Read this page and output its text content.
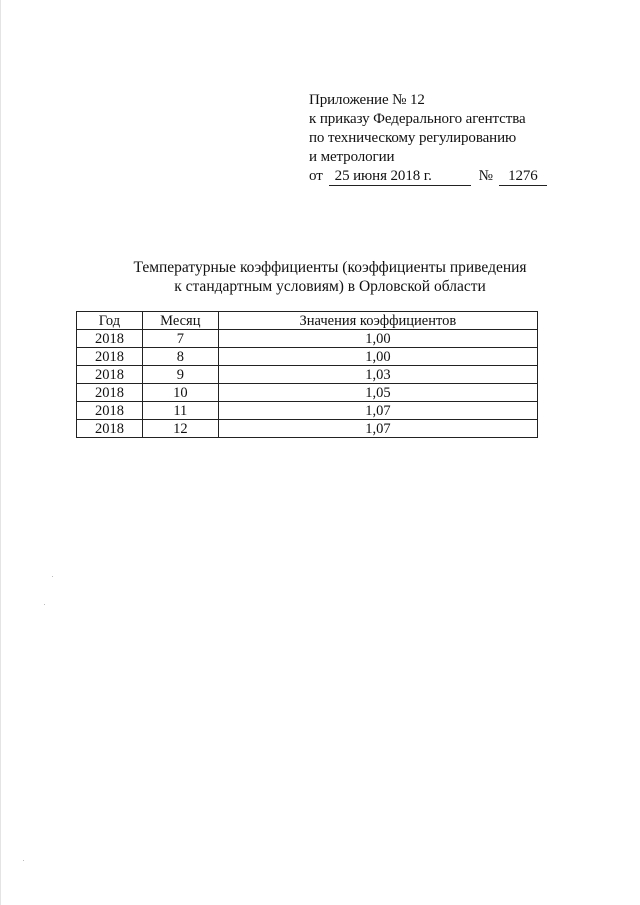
Приложение № 12
к приказу Федерального агентства
по техническому регулированию
и метрологии
от 25 июня 2018 г.	№ 1276
Температурные коэффициенты (коэффициенты приведения
к стандартным условиям) в Орловской области
Год	Месяц	Значения коэффициентов
2018	7	1,00
2018	8	1,00
2018	9	1,03
2018	10	1,05
2018	11	1,07
2018	12	1,07
